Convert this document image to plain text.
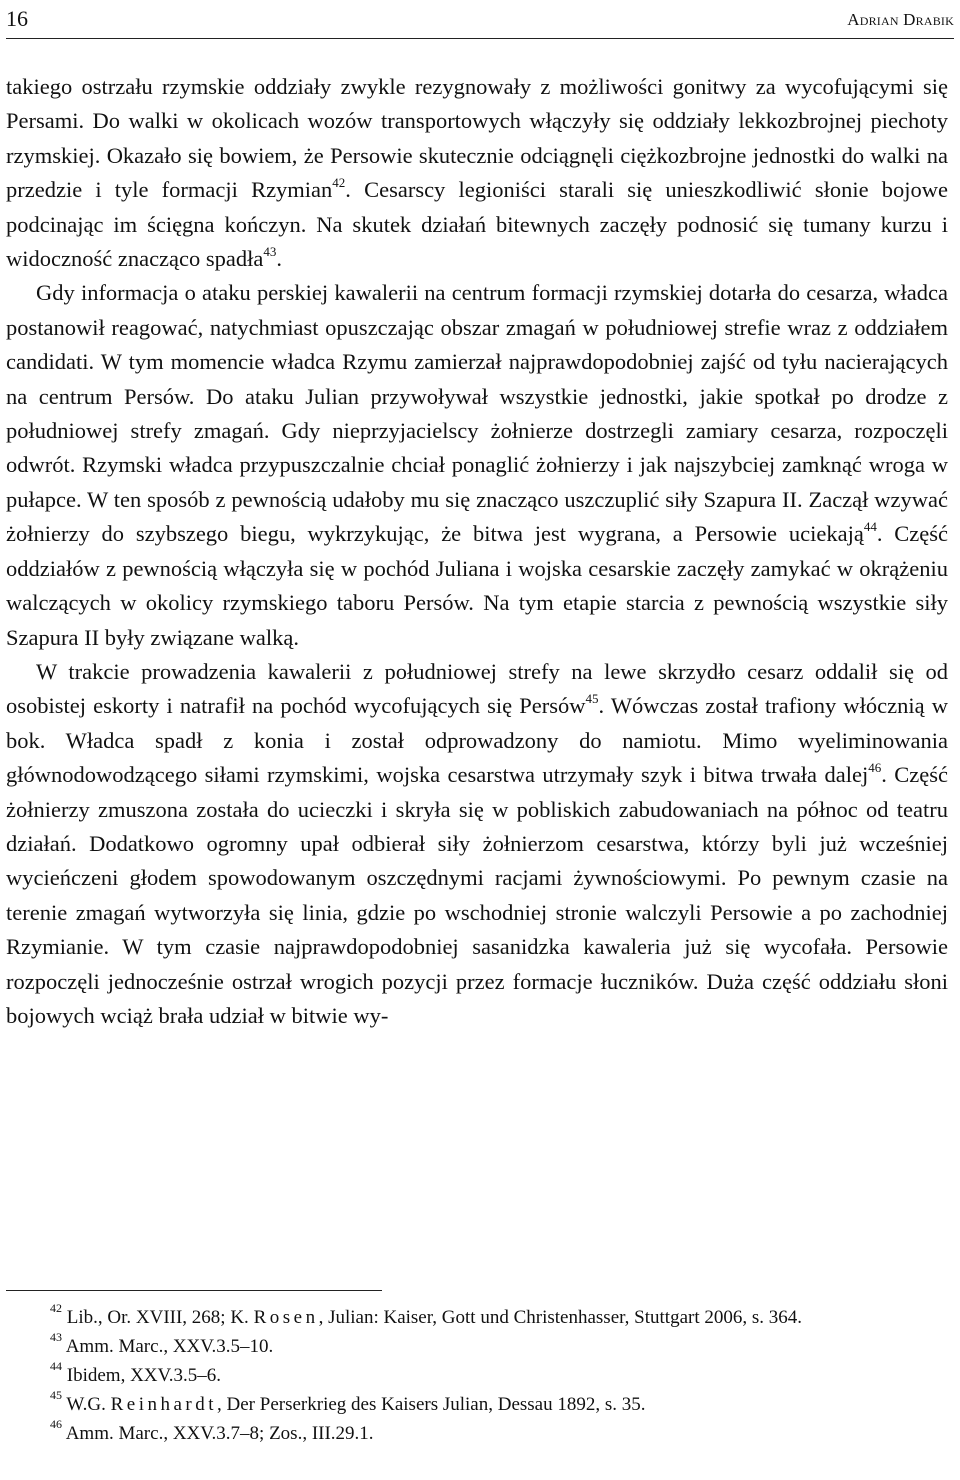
16	Adrian Drabik

takiego ostrzału rzymskie oddziały zwykle rezygnowały z możliwości gonitwy za wycofującymi się Persami. Do walki w okolicach wozów transportowych włączyły się oddziały lekkozbrojnej piechoty rzymskiej. Okazało się bowiem, że Persowie skutecznie odciągnęli ciężkozbrojne jednostki do walki na przedzie i tyle formacji Rzymian$^{42}$. Cesarscy legioniści starali się unieszkodliwić słonie bojowe podcinając im ścięgna kończyn. Na skutek działań bitewnych zaczęły podnosić się tumany kurzu i widoczność znacząco spadła$^{43}$.

Gdy informacja o ataku perskiej kawalerii na centrum formacji rzymskiej dotarła do cesarza, władca postanowił reagować, natychmiast opuszczając obszar zmagań w południowej strefie wraz z oddziałem candidati. W tym momencie władca Rzymu zamierzał najprawdopodobniej zajść od tyłu nacierających na centrum Persów. Do ataku Julian przywoływał wszystkie jednostki, jakie spotkał po drodze z południowej strefy zmagań. Gdy nieprzyjacielscy żołnierze dostrzegli zamiary cesarza, rozpoczęli odwrót. Rzymski władca przypuszczalnie chciał ponaglić żołnierzy i jak najszybciej zamknąć wroga w pułapce. W ten sposób z pewnością udałoby mu się znacząco uszczuplić siły Szapura II. Zaczął wzywać żołnierzy do szybszego biegu, wykrzykując, że bitwa jest wygrana, a Persowie uciekają$^{44}$. Część oddziałów z pewnością włączyła się w pochód Juliana i wojska cesarskie zaczęły zamykać w okrążeniu walczących w okolicy rzymskiego taboru Persów. Na tym etapie starcia z pewnością wszystkie siły Szapura II były związane walką.

W trakcie prowadzenia kawalerii z południowej strefy na lewe skrzydło cesarz oddalił się od osobistej eskorty i natrafił na pochód wycofujących się Persów$^{45}$. Wówczas został trafiony włócznią w bok. Władca spadł z konia i został odprowadzony do namiotu. Mimo wyeliminowania głównodowodzącego siłami rzymskimi, wojska cesarstwa utrzymały szyk i bitwa trwała dalej$^{46}$. Część żołnierzy zmuszona została do ucieczki i skryła się w pobliskich zabudowaniach na północ od teatru działań. Dodatkowo ogromny upał odbierał siły żołnierzom cesarstwa, którzy byli już wcześniej wycieńczeni głodem spowodowanym oszczędnymi racjami żywnościowymi. Po pewnym czasie na terenie zmagań wytworzyła się linia, gdzie po wschodniej stronie walczyli Persowie a po zachodniej Rzymianie. W tym czasie najprawdopodobniej sasanidzka kawaleria już się wycofała. Persowie rozpoczęli jednocześnie ostrzał wrogich pozycji przez formacje łuczników. Duża część oddziału słoni bojowych wciąż brała udział w bitwie wy-

$^{42}$ Lib., Or. XVIII, 268; K. Rosen, Julian: Kaiser, Gott und Christenhasser, Stuttgart 2006, s. 364.

$^{43}$ Amm. Marc., XXV.3.5–10.

$^{44}$ Ibidem, XXV.3.5–6.

$^{45}$ W.G. Reinhardt, Der Perserkrieg des Kaisers Julian, Dessau 1892, s. 35.

$^{46}$ Amm. Marc., XXV.3.7–8; Zos., III.29.1.
